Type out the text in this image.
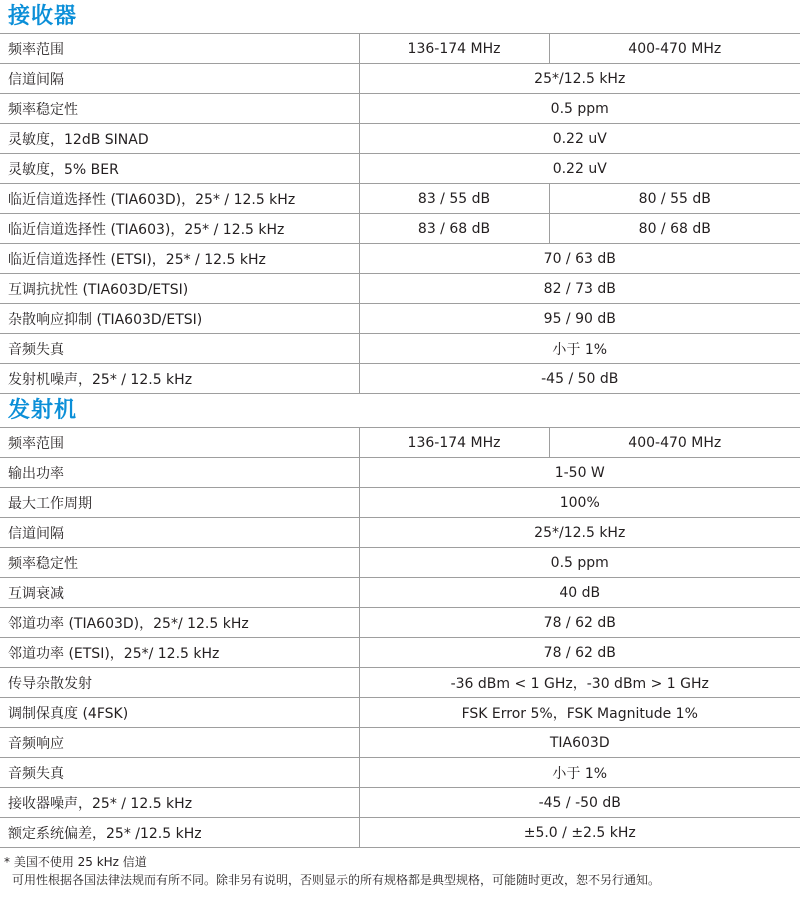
接收器
频率范围	136-174 MHz	400-470 MHz
信道间隔	25*/12.5 kHz	
频率稳定性	0.5 ppm	
灵敏度，12dB SINAD	0.22 uV	
灵敏度，5% BER	0.22 uV	
临近信道选择性 (TIA603D)，25* / 12.5 kHz	83 / 55 dB	80 / 55 dB
临近信道选择性 (TIA603)，25* / 12.5 kHz	83 / 68 dB	80 / 68 dB
临近信道选择性 (ETSI)，25* / 12.5 kHz	70 / 63 dB	
互调抗扰性 (TIA603D/ETSI)	82 / 73 dB	
杂散响应抑制 (TIA603D/ETSI)	95 / 90 dB	
音频失真	小于 1%	
发射机噪声，25* / 12.5 kHz	-45 / 50 dB	
发射机
频率范围	136-174 MHz	400-470 MHz
输出功率	1-50 W	
最大工作周期	100%	
信道间隔	25*/12.5 kHz	
频率稳定性	0.5 ppm	
互调衰减	40 dB	
邻道功率 (TIA603D)，25*/ 12.5 kHz	78 / 62 dB	
邻道功率 (ETSI)，25*/ 12.5 kHz	78 / 62 dB	
传导杂散发射	-36 dBm < 1 GHz，-30 dBm > 1 GHz	
调制保真度 (4FSK)	FSK Error 5%，FSK Magnitude 1%	
音频响应	TIA603D	
音频失真	小于 1%	
接收器噪声，25* / 12.5 kHz	-45 / -50 dB	
额定系统偏差，25* /12.5 kHz	±5.0 / ±2.5 kHz	
* 美国不使用 25 kHz 信道
可用性根据各国法律法规而有所不同。除非另有说明，否则显示的所有规格都是典型规格，可能随时更改，恕不另行通知。
